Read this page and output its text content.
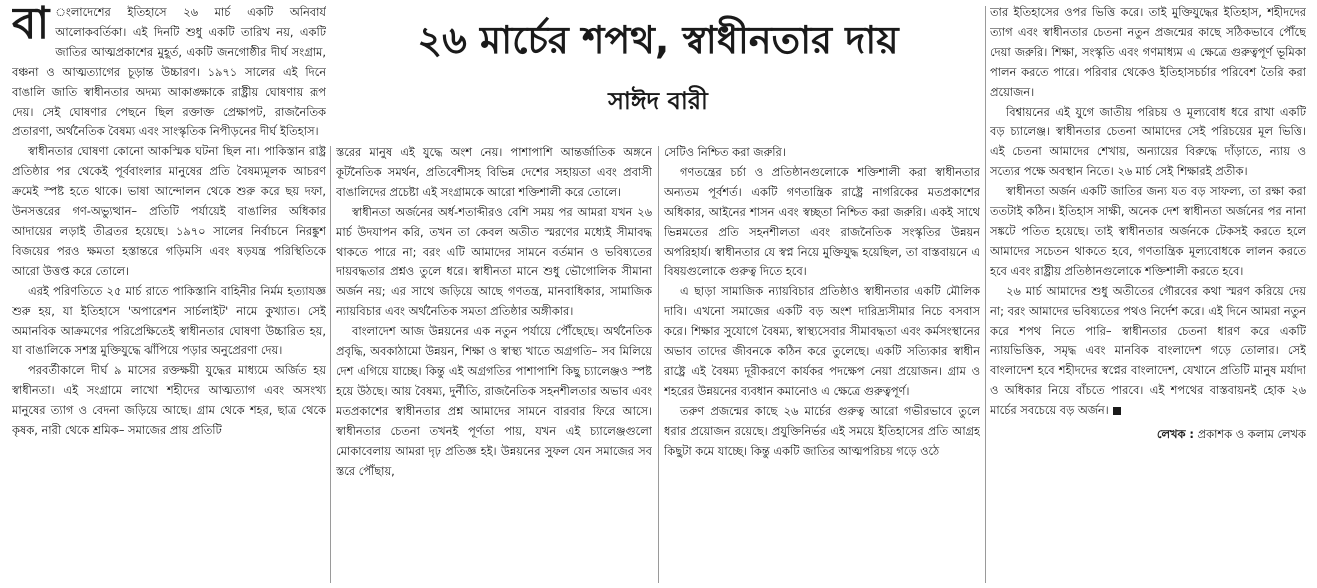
বা ংলাদেশের ইতিহাসে ২৬ মার্চ একটি অনিবার্য আলোকবর্তিকা। এই দিনটি শুধু একটি তারিখ নয়, একটি জাতির আত্মপ্রকাশের মুহূর্ত, একটি জনগোষ্ঠীর দীর্ঘ সংগ্রাম, বঞ্চনা ও আত্মত্যাগের চূড়ান্ত উচ্চারণ। ১৯৭১ সালের এই দিনে বাঙালি জাতি স্বাধীনতার অদম্য আকাঙ্ক্ষাকে রাষ্ট্রীয় ঘোষণায় রূপ দেয়। সেই ঘোষণার পেছনে ছিল রক্তাক্ত প্রেক্ষাপট, রাজনৈতিক প্রতারণা, অর্থনৈতিক বৈষম্য এবং সাংস্কৃতিক নিপীড়নের দীর্ঘ ইতিহাস।

স্বাধীনতার ঘোষণা কোনো আকস্মিক ঘটনা ছিল না। পাকিস্তান রাষ্ট্র প্রতিষ্ঠার পর থেকেই পূর্ববাংলার মানুষের প্রতি বৈষম্যমূলক আচরণ ক্রমেই স্পষ্ট হতে থাকে। ভাষা আন্দোলন থেকে শুরু করে ছয় দফা, উনসত্তরের গণ-অভ্যুত্থান– প্রতিটি পর্যায়েই বাঙালির অধিকার আদায়ের লড়াই তীব্রতর হয়েছে। ১৯৭০ সালের নির্বাচনে নিরঙ্কুশ বিজয়ের পরও ক্ষমতা হস্তান্তরে গড়িমসি এবং ষড়যন্ত্র পরিস্থিতিকে আরো উত্তপ্ত করে তোলে।

এরই পরিণতিতে ২৫ মার্চ রাতে পাকিস্তানি বাহিনীর নির্মম হত্যাযজ্ঞ শুরু হয়, যা ইতিহাসে 'অপারেশন সার্চলাইট' নামে কুখ্যাত। সেই অমানবিক আক্রমণের পরিপ্রেক্ষিতেই স্বাধীনতার ঘোষণা উচ্চারিত হয়, যা বাঙালিকে সশস্ত্র মুক্তিযুদ্ধে ঝাঁপিয়ে পড়ার অনুপ্রেরণা দেয়।

পরবর্তীকালে দীর্ঘ ৯ মাসের রক্তক্ষয়ী যুদ্ধের মাধ্যমে অর্জিত হয় স্বাধীনতা। এই সংগ্রামে লাখো শহীদের আত্মত্যাগ এবং অসংখ্য মানুষের ত্যাগ ও বেদনা জড়িয়ে আছে। গ্রাম থেকে শহর, ছাত্র থেকে কৃষক, নারী থেকে শ্রমিক– সমাজের প্রায় প্রতিটি

২৬ মার্চের শপথ, স্বাধীনতার দায়
সাঈদ বারী

স্তরের মানুষ এই যুদ্ধে অংশ নেয়। পাশাপাশি আন্তর্জাতিক অঙ্গনে কূটনৈতিক সমর্থন, প্রতিবেশীসহ বিভিন্ন দেশের সহায়তা এবং প্রবাসী বাঙালিদের প্রচেষ্টা এই সংগ্রামকে আরো শক্তিশালী করে তোলে।

স্বাধীনতা অর্জনের অর্ধ-শতাব্দীরও বেশি সময় পর আমরা যখন ২৬ মার্চ উদযাপন করি, তখন তা কেবল অতীত স্মরণের মধ্যেই সীমাবদ্ধ থাকতে পারে না; বরং এটি আমাদের সামনে বর্তমান ও ভবিষ্যতের দায়বদ্ধতার প্রশ্নও তুলে ধরে। স্বাধীনতা মানে শুধু ভৌগোলিক সীমানা অর্জন নয়; এর সাথে জড়িয়ে আছে গণতন্ত্র, মানবাধিকার, সামাজিক ন্যায়বিচার এবং অর্থনৈতিক সমতা প্রতিষ্ঠার অঙ্গীকার।

বাংলাদেশ আজ উন্নয়নের এক নতুন পর্যায়ে পৌঁছেছে। অর্থনৈতিক প্রবৃদ্ধি, অবকাঠামো উন্নয়ন, শিক্ষা ও স্বাস্থ্য খাতে অগ্রগতি– সব মিলিয়ে দেশ এগিয়ে যাচ্ছে। কিন্তু এই অগ্রগতির পাশাপাশি কিছু চ্যালেঞ্জও স্পষ্ট হয়ে উঠছে। আয় বৈষম্য, দুর্নীতি, রাজনৈতিক সহনশীলতার অভাব এবং মতপ্রকাশের স্বাধীনতার প্রশ্ন আমাদের সামনে বারবার ফিরে আসে। স্বাধীনতার চেতনা তখনই পূর্ণতা পায়, যখন এই চ্যালেঞ্জগুলো মোকাবেলায় আমরা দৃঢ় প্রতিজ্ঞ হই। উন্নয়নের সুফল যেন সমাজের সব স্তরে পৌঁছায়,

সেটিও নিশ্চিত করা জরুরি।

গণতন্ত্রের চর্চা ও প্রতিষ্ঠানগুলোকে শক্তিশালী করা স্বাধীনতার অন্যতম পূর্বশর্ত। একটি গণতান্ত্রিক রাষ্ট্রে নাগরিকের মতপ্রকাশের অধিকার, আইনের শাসন এবং স্বচ্ছতা নিশ্চিত করা জরুরি। একই সাথে ভিন্নমতের প্রতি সহনশীলতা এবং রাজনৈতিক সংস্কৃতির উন্নয়ন অপরিহার্য। স্বাধীনতার যে স্বপ্ন নিয়ে মুক্তিযুদ্ধ হয়েছিল, তা বাস্তবায়নে এ বিষয়গুলোকে গুরুত্ব দিতে হবে।

এ ছাড়া সামাজিক ন্যায়বিচার প্রতিষ্ঠাও স্বাধীনতার একটি মৌলিক দাবি। এখনো সমাজের একটি বড় অংশ দারিদ্র্যসীমার নিচে বসবাস করে। শিক্ষার সুযোগে বৈষম্য, স্বাস্থ্যসেবার সীমাবদ্ধতা এবং কর্মসংস্থানের অভাব তাদের জীবনকে কঠিন করে তুলেছে। একটি সত্যিকার স্বাধীন রাষ্ট্রে এই বৈষম্য দূরীকরণে কার্যকর পদক্ষেপ নেয়া প্রয়োজন। গ্রাম ও শহরের উন্নয়নের ব্যবধান কমানোও এ ক্ষেত্রে গুরুত্বপূর্ণ।

তরুণ প্রজন্মের কাছে ২৬ মার্চের গুরুত্ব আরো গভীরভাবে তুলে ধরার প্রয়োজন রয়েছে। প্রযুক্তিনির্ভর এই সময়ে ইতিহাসের প্রতি আগ্রহ কিছুটা কমে যাচ্ছে। কিন্তু একটি জাতির আত্মপরিচয় গড়ে ওঠে

তার ইতিহাসের ওপর ভিত্তি করে। তাই মুক্তিযুদ্ধের ইতিহাস, শহীদদের ত্যাগ এবং স্বাধীনতার চেতনা নতুন প্রজন্মের কাছে সঠিকভাবে পৌঁছে দেয়া জরুরি। শিক্ষা, সংস্কৃতি এবং গণমাধ্যম এ ক্ষেত্রে গুরুত্বপূর্ণ ভূমিকা পালন করতে পারে। পরিবার থেকেও ইতিহাসচর্চার পরিবেশ তৈরি করা প্রয়োজন।

বিশ্বায়নের এই যুগে জাতীয় পরিচয় ও মূল্যবোধ ধরে রাখা একটি বড় চ্যালেঞ্জ। স্বাধীনতার চেতনা আমাদের সেই পরিচয়ের মূল ভিত্তি। এই চেতনা আমাদের শেখায়, অন্যায়ের বিরুদ্ধে দাঁড়াতে, ন্যায় ও সত্যের পক্ষে অবস্থান নিতে। ২৬ মার্চ সেই শিক্ষারই প্রতীক।

স্বাধীনতা অর্জন একটি জাতির জন্য যত বড় সাফল্য, তা রক্ষা করা ততটাই কঠিন। ইতিহাস সাক্ষী, অনেক দেশ স্বাধীনতা অর্জনের পর নানা সঙ্কটে পতিত হয়েছে। তাই স্বাধীনতার অর্জনকে টেকসই করতে হলে আমাদের সচেতন থাকতে হবে, গণতান্ত্রিক মূল্যবোধকে লালন করতে হবে এবং রাষ্ট্রীয় প্রতিষ্ঠানগুলোকে শক্তিশালী করতে হবে।

২৬ মার্চ আমাদের শুধু অতীতের গৌরবের কথা স্মরণ করিয়ে দেয় না; বরং আমাদের ভবিষ্যতের পথও নির্দেশ করে। এই দিনে আমরা নতুন করে শপথ নিতে পারি– স্বাধীনতার চেতনা ধারণ করে একটি ন্যায়ভিত্তিক, সমৃদ্ধ এবং মানবিক বাংলাদেশ গড়ে তোলার। সেই বাংলাদেশ হবে শহীদদের স্বপ্নের বাংলাদেশ, যেখানে প্রতিটি মানুষ মর্যাদা ও অধিকার নিয়ে বাঁচতে পারবে। এই শপথের বাস্তবায়নই হোক ২৬ মার্চের সবচেয়ে বড় অর্জন।

লেখক : প্রকাশক ও কলাম লেখক
